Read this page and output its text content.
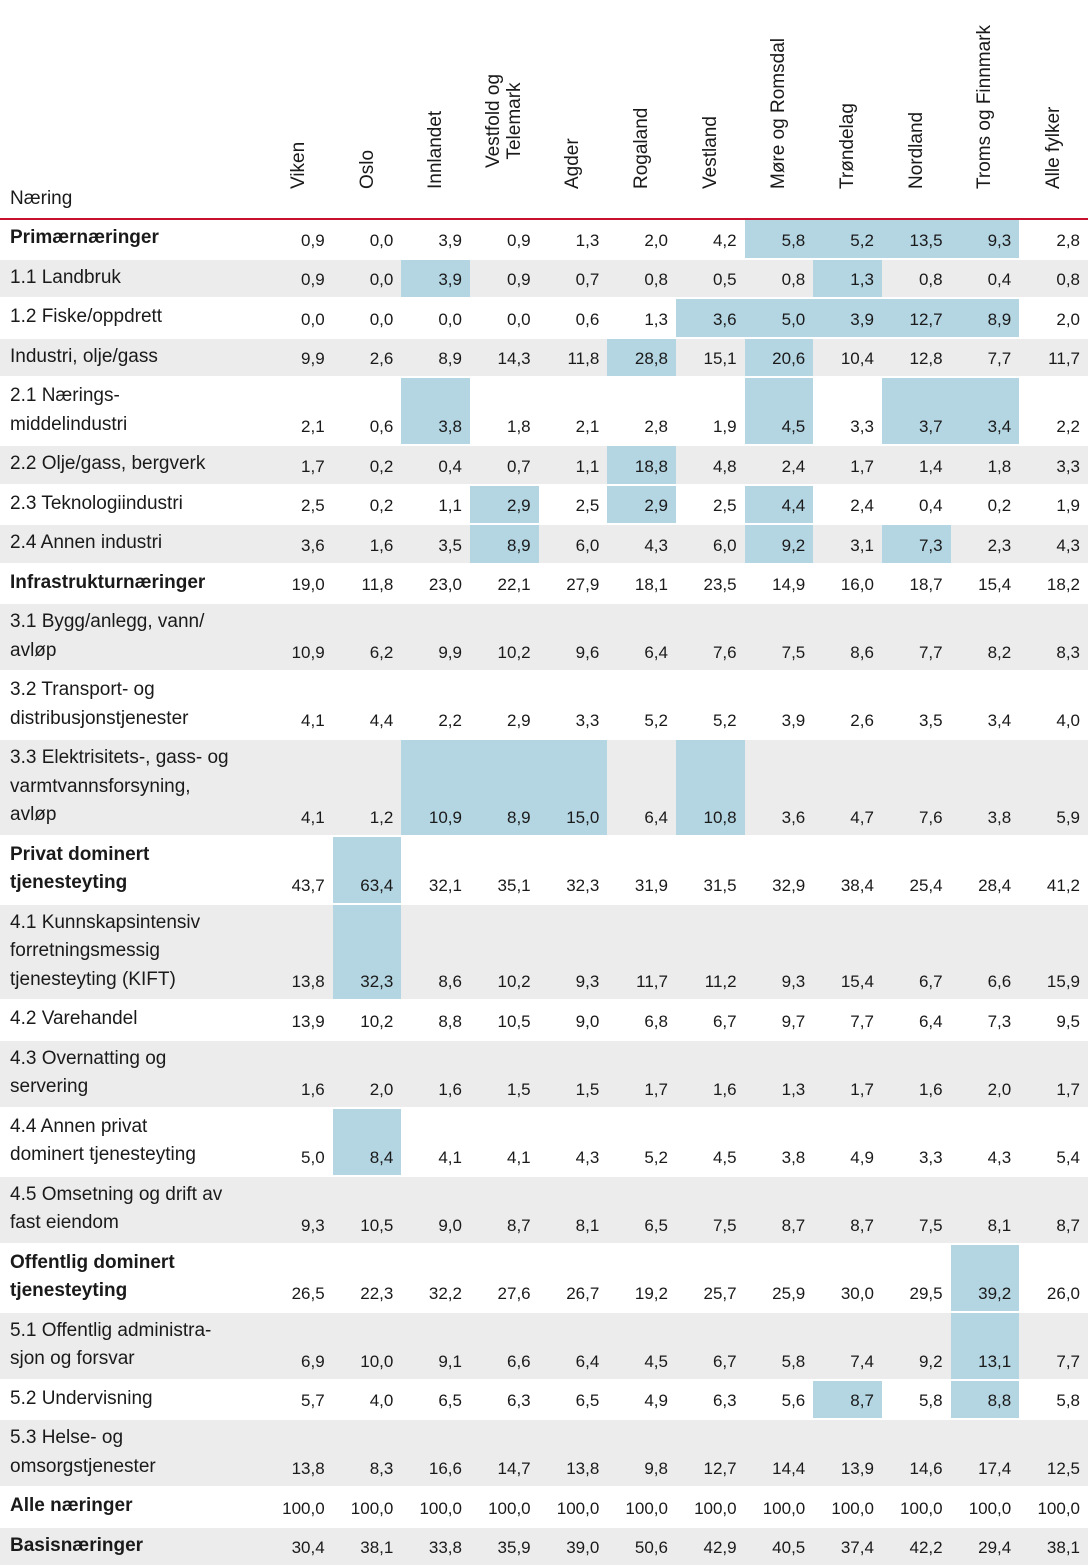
Næring	Viken	Oslo	Innlandet	Vestfold og
Telemark	Agder	Rogaland	Vestland	Møre og Romsdal	Trøndelag	Nordland	Troms og Finnmark	Alle fylker

Primærnæringer	0,9	0,0	3,9	0,9	1,3	2,0	4,2	5,8	5,2	13,5	9,3	2,8
1.1 Landbruk	0,9	0,0	3,9	0,9	0,7	0,8	0,5	0,8	1,3	0,8	0,4	0,8
1.2 Fiske/oppdrett	0,0	0,0	0,0	0,0	0,6	1,3	3,6	5,0	3,9	12,7	8,9	2,0
Industri, olje/gass	9,9	2,6	8,9	14,3	11,8	28,8	15,1	20,6	10,4	12,8	7,7	11,7
2.1 Nærings-
middelindustri	2,1	0,6	3,8	1,8	2,1	2,8	1,9	4,5	3,3	3,7	3,4	2,2
2.2 Olje/gass, bergverk	1,7	0,2	0,4	0,7	1,1	18,8	4,8	2,4	1,7	1,4	1,8	3,3
2.3 Teknologiindustri	2,5	0,2	1,1	2,9	2,5	2,9	2,5	4,4	2,4	0,4	0,2	1,9
2.4 Annen industri	3,6	1,6	3,5	8,9	6,0	4,3	6,0	9,2	3,1	7,3	2,3	4,3
Infrastrukturnæringer	19,0	11,8	23,0	22,1	27,9	18,1	23,5	14,9	16,0	18,7	15,4	18,2
3.1 Bygg/anlegg, vann/
avløp	10,9	6,2	9,9	10,2	9,6	6,4	7,6	7,5	8,6	7,7	8,2	8,3
3.2 Transport- og
distribusjonstjenester	4,1	4,4	2,2	2,9	3,3	5,2	5,2	3,9	2,6	3,5	3,4	4,0
3.3 Elektrisitets-, gass- og
varmtvannsforsyning,
avløp	4,1	1,2	10,9	8,9	15,0	6,4	10,8	3,6	4,7	7,6	3,8	5,9
Privat dominert
tjenesteyting	43,7	63,4	32,1	35,1	32,3	31,9	31,5	32,9	38,4	25,4	28,4	41,2
4.1 Kunnskapsintensiv
forretningsmessig
tjenesteyting (KIFT)	13,8	32,3	8,6	10,2	9,3	11,7	11,2	9,3	15,4	6,7	6,6	15,9
4.2 Varehandel	13,9	10,2	8,8	10,5	9,0	6,8	6,7	9,7	7,7	6,4	7,3	9,5
4.3 Overnatting og
servering	1,6	2,0	1,6	1,5	1,5	1,7	1,6	1,3	1,7	1,6	2,0	1,7
4.4 Annen privat
dominert tjenesteyting	5,0	8,4	4,1	4,1	4,3	5,2	4,5	3,8	4,9	3,3	4,3	5,4
4.5 Omsetning og drift av
fast eiendom	9,3	10,5	9,0	8,7	8,1	6,5	7,5	8,7	8,7	7,5	8,1	8,7
Offentlig dominert
tjenesteyting	26,5	22,3	32,2	27,6	26,7	19,2	25,7	25,9	30,0	29,5	39,2	26,0
5.1 Offentlig administra-
sjon og forsvar	6,9	10,0	9,1	6,6	6,4	4,5	6,7	5,8	7,4	9,2	13,1	7,7
5.2 Undervisning	5,7	4,0	6,5	6,3	6,5	4,9	6,3	5,6	8,7	5,8	8,8	5,8
5.3 Helse- og
omsorgstjenester	13,8	8,3	16,6	14,7	13,8	9,8	12,7	14,4	13,9	14,6	17,4	12,5
Alle næringer	100,0	100,0	100,0	100,0	100,0	100,0	100,0	100,0	100,0	100,0	100,0	100,0
Basisnæringer	30,4	38,1	33,8	35,9	39,0	50,6	42,9	40,5	37,4	42,2	29,4	38,1
